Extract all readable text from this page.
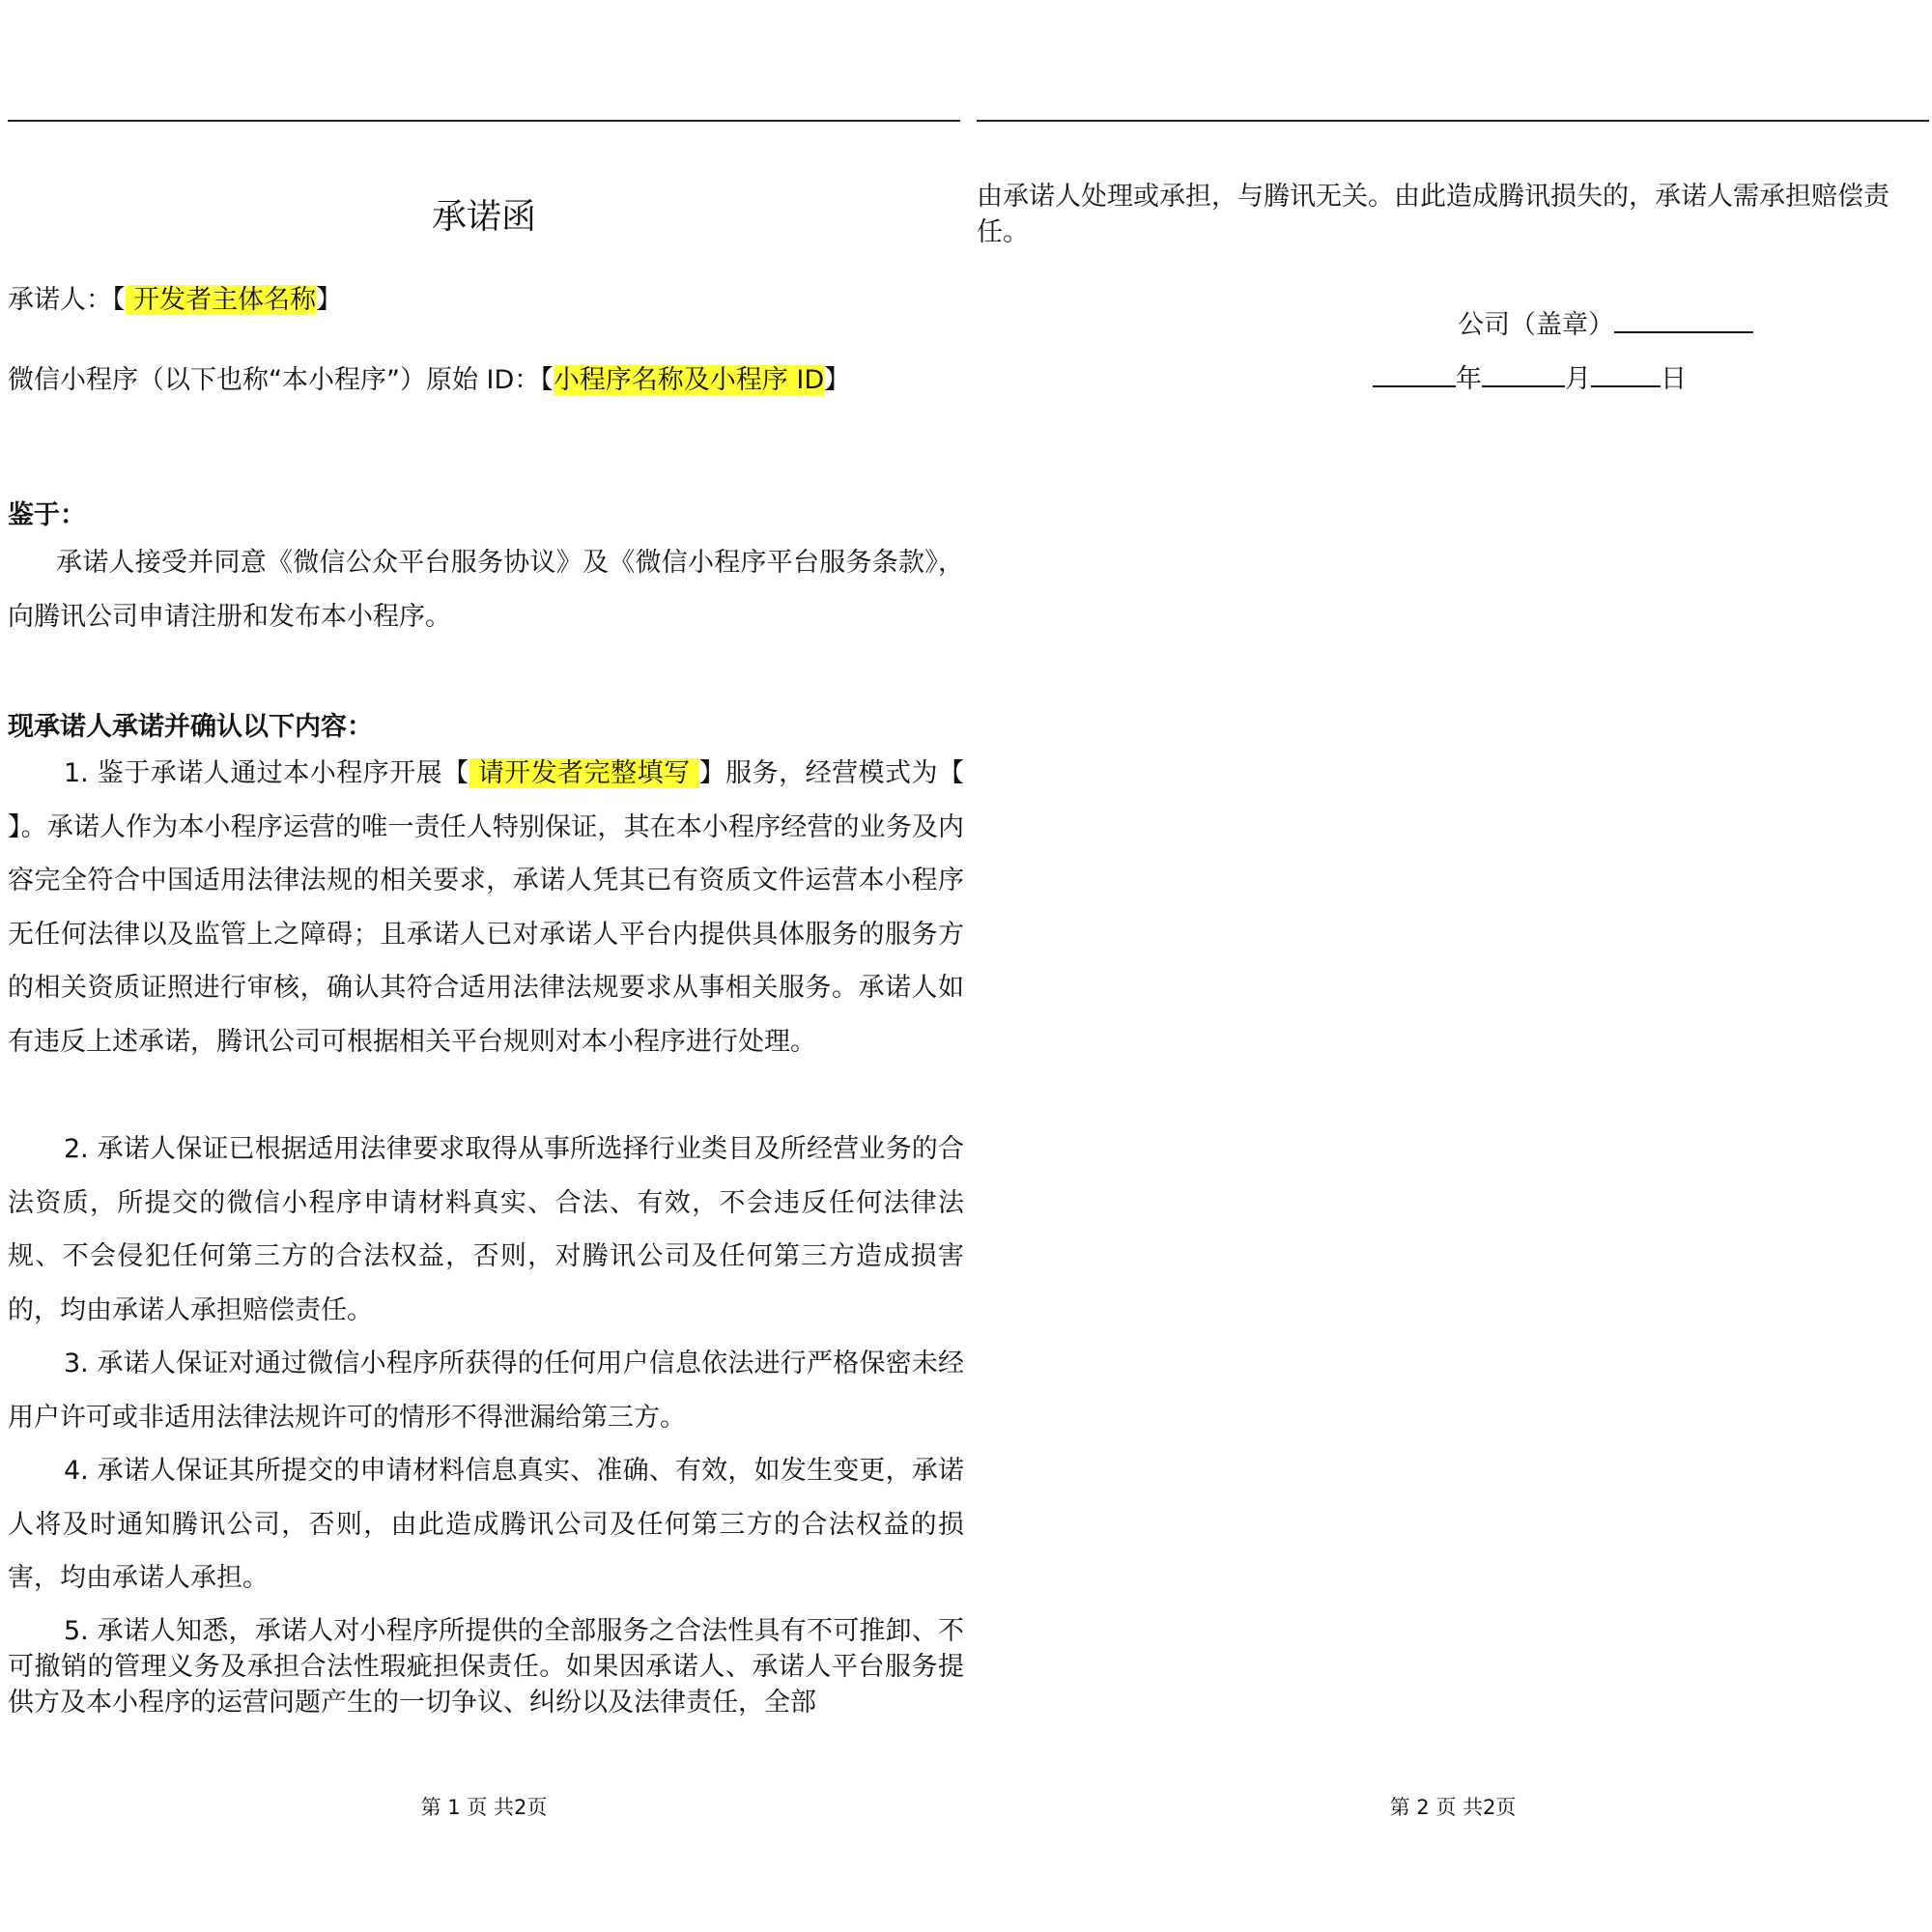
承诺函
承诺人：【 开发者主体名称】
微信小程序（以下也称“本小程序”）原始 ID：【小程序名称及小程序 ID】
鉴于：
承诺人接受并同意《微信公众平台服务协议》及《微信小程序平台服务条款》，向腾讯公司申请注册和发布本小程序。
现承诺人承诺并确认以下内容：
1. 鉴于承诺人通过本小程序开展【 请开发者完整填写 】服务，经营模式为【 】。承诺人作为本小程序运营的唯一责任人特别保证，其在本小程序经营的业务及内容完全符合中国适用法律法规的相关要求，承诺人凭其已有资质文件运营本小程序无任何法律以及监管上之障碍；且承诺人已对承诺人平台内提供具体服务的服务方的相关资质证照进行审核，确认其符合适用法律法规要求从事相关服务。承诺人如有违反上述承诺，腾讯公司可根据相关平台规则对本小程序进行处理。
2. 承诺人保证已根据适用法律要求取得从事所选择行业类目及所经营业务的合法资质，所提交的微信小程序申请材料真实、合法、有效，不会违反任何法律法规、不会侵犯任何第三方的合法权益，否则，对腾讯公司及任何第三方造成损害的，均由承诺人承担赔偿责任。
3. 承诺人保证对通过微信小程序所获得的任何用户信息依法进行严格保密未经用户许可或非适用法律法规许可的情形不得泄漏给第三方。
4. 承诺人保证其所提交的申请材料信息真实、准确、有效，如发生变更，承诺人将及时通知腾讯公司，否则，由此造成腾讯公司及任何第三方的合法权益的损害，均由承诺人承担。
5. 承诺人知悉，承诺人对小程序所提供的全部服务之合法性具有不可推卸、不可撤销的管理义务及承担合法性瑕疵担保责任。如果因承诺人、承诺人平台服务提供方及本小程序的运营问题产生的一切争议、纠纷以及法律责任，全部
第 1 页 共2页
由承诺人处理或承担，与腾讯无关。由此造成腾讯损失的，承诺人需承担赔偿责任。
公司（盖章）
年	月	日
第 2 页 共2页
